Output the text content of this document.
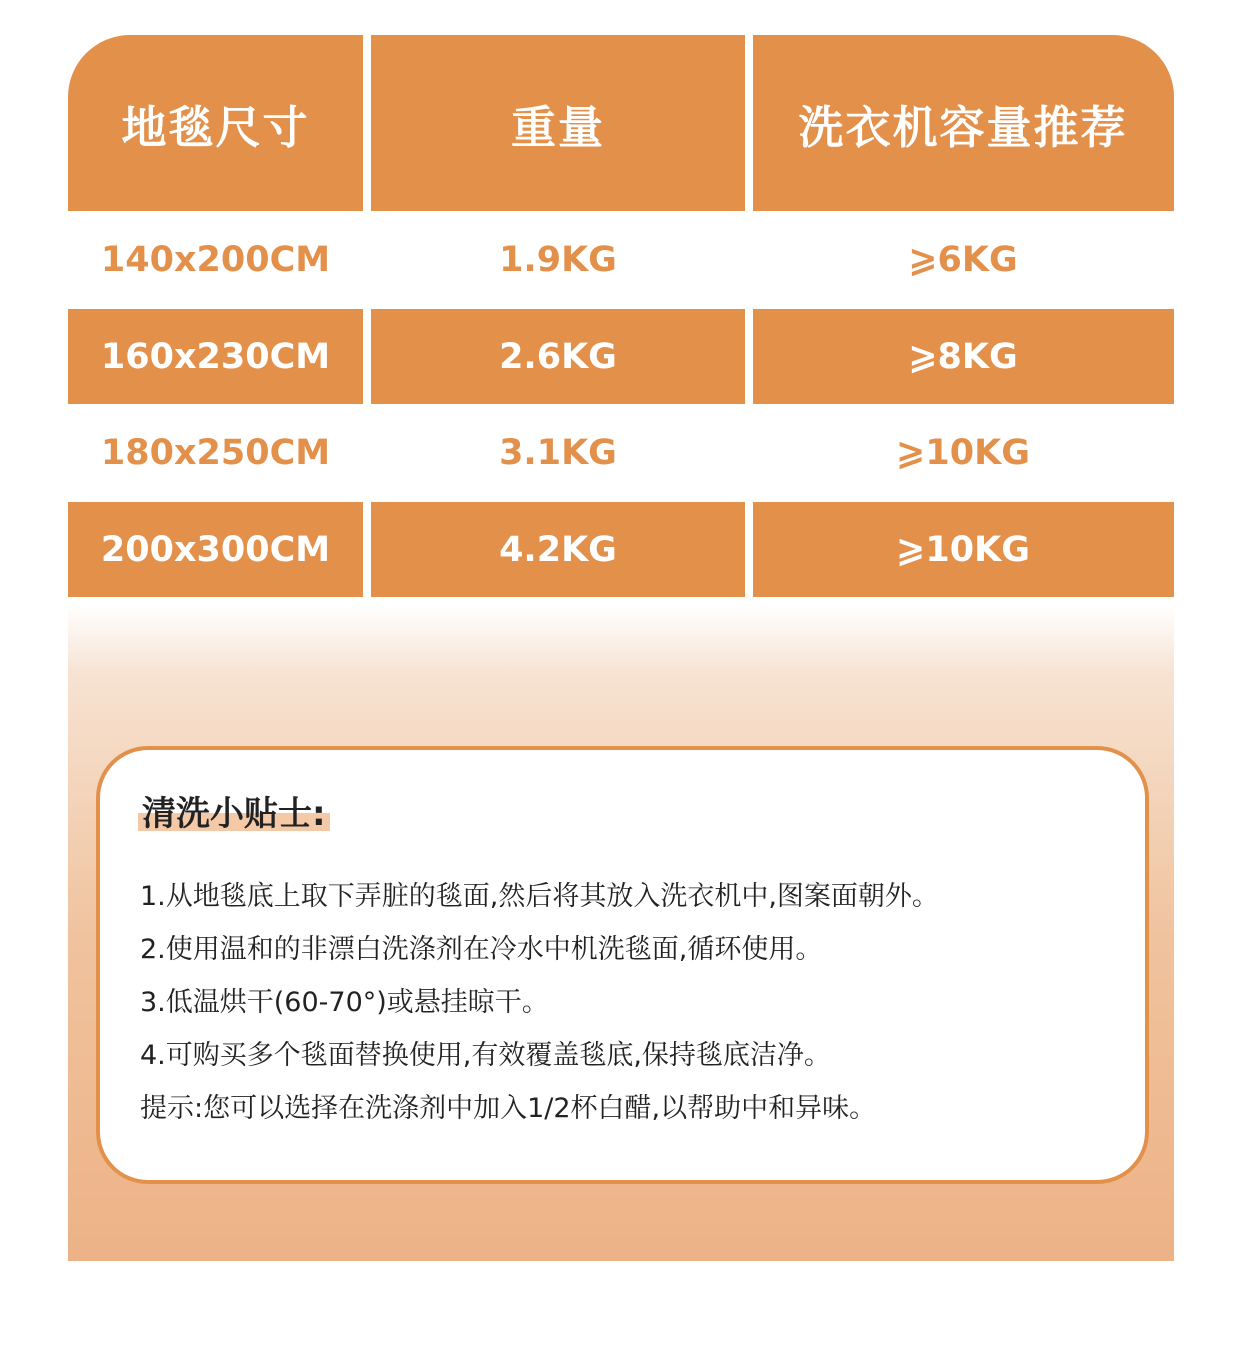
地毯尺寸	重量	洗衣机容量推荐
140x200CM	1.9KG	⩾6KG
160x230CM	2.6KG	⩾8KG
180x250CM	3.1KG	⩾10KG
200x300CM	4.2KG	⩾10KG
清洗小贴士:
1.从地毯底上取下弄脏的毯面,然后将其放入洗衣机中,图案面朝外。
2.使用温和的非漂白洗涤剂在冷水中机洗毯面,循环使用。
3.低温烘干(60-70°)或悬挂晾干。
4.可购买多个毯面替换使用,有效覆盖毯底,保持毯底洁净。
提示:您可以选择在洗涤剂中加入1/2杯白醋,以帮助中和异味。
